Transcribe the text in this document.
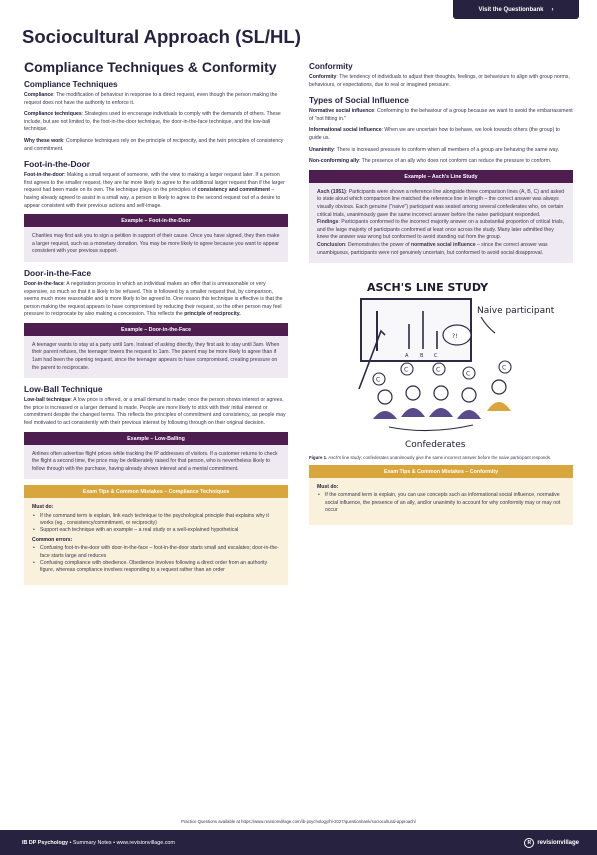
Visit the Questionbank ›
Sociocultural Approach (SL/HL)
Compliance Techniques & Conformity
Compliance Techniques

Compliance: The modification of behaviour in response to a direct request, even though the person making the request does not have the authority to enforce it.

Compliance techniques: Strategies used to encourage individuals to comply with the demands of others. These include, but are not limited to, the foot-in-the-door technique, the door-in-the-face technique, and the low-ball technique.

Why these work: Compliance techniques rely on the principle of reciprocity, and the twin principles of consistency and commitment.

Foot-in-the-Door

Foot-in-the-door: Making a small request of someone, with the view to making a larger request later. If a person first agrees to the smaller request, they are far more likely to agree to the additional larger request than if the larger request had been made on its own. The technique plays on the principles of consistency and commitment – having already agreed to assist in a small way, a person is likely to agree to the second request out of a desire to appear consistent with their previous actions and self-image.

Example – Foot-in-the-Door
Charities may first ask you to sign a petition in support of their cause. Once you have signed, they then make a larger request, such as a monetary donation. You may be more likely to agree because you want to appear consistent with your previous support.
Door-in-the-Face

Door-in-the-face: A negotiation process in which an individual makes an offer that is unreasonable or very expensive, so much so that it is likely to be refused. This is followed by a smaller request that, by comparison, seems much more reasonable and is more likely to be agreed to. One reason this technique is effective is that the person making the request appears to have compromised by reducing their request, so the other person may feel pressure to reciprocate by also making a concession. This reflects the principle of reciprocity.

Example – Door-in-the-Face
A teenager wants to stay at a party until 1am. Instead of asking directly, they first ask to stay until 3am. When their parent refuses, the teenager lowers the request to 1am. The parent may be more likely to agree than if 1am had been the opening request, since the teenager appears to have compromised, creating pressure on the parent to reciprocate.
Low-Ball Technique

Low-ball technique: A low price is offered, or a small demand is made; once the person shows interest or agrees, the price is increased or a larger demand is made. People are more likely to stick with their initial interest or commitment despite the changed terms. This reflects the principles of commitment and consistency, as people may feel motivated to act consistently with their previous interest by following through on their original decision.

Example – Low-Balling
Airlines often advertise flight prices while tracking the IP addresses of visitors. If a customer returns to check the flight a second time, the price may be deliberately raised for that person, who is nevertheless likely to follow through with the purchase, having already shown interest and a mental commitment.
Exam Tips & Common Mistakes – Compliance Techniques
Must do:
• If the command term is explain, link each technique to the psychological principle that explains why it works (eg., consistency/commitment, or reciprocity)
• Support each technique with an example – a real study or a well-explained hypothetical
Common errors:
• Confusing foot-in-the-door with door-in-the-face – foot-in-the-door starts small and escalates; door-in-the-face starts large and reduces
• Confusing compliance with obedience. Obedience involves following a direct order from an authority figure, whereas compliance involves responding to a request rather than an order
Conformity

Conformity: The tendency of individuals to adjust their thoughts, feelings, or behaviours to align with group norms, behaviours, or expectations, due to real or imagined pressure.

Types of Social Influence

Normative social influence: Conforming to the behaviour of a group because we want to avoid the embarrassment of "not fitting in."

Informational social influence: When we are uncertain how to behave, we look towards others (the group) to guide us.

Unanimity: There is increased pressure to conform when all members of a group are behaving the same way.

Non-conforming ally: The presence of an ally who does not conform can reduce the pressure to conform.

Example – Asch's Line Study
Asch (1951): Participants were shown a reference line alongside three comparison lines (A, B, C) and asked to state aloud which comparison line matched the reference line in length – the correct answer was always visually obvious. Each genuine ("naive") participant was seated among several confederates who, on certain critical trials, unanimously gave the same incorrect answer before the naive participant responded.
Findings: Participants conformed to the incorrect majority answer on a substantial proportion of critical trials, and the large majority of participants conformed at least once across the study. Many later admitted they knew the answer was wrong but conformed to avoid standing out from the group.
Conclusion: Demonstrates the power of normative social influence – since the correct answer was unambiguous, participants were not genuinely uncertain, but conformed to avoid social disapproval.
ASCH'S LINE STUDY
A B C
Naive participant
?!
C
C	C
C
C
Confederates
Figure 1. Asch's line study: confederates unanimously give the same incorrect answer before the naive participant responds.
Exam Tips & Common Mistakes – Conformity
Must do:
• If the command term is explain, you can use concepts such as informational social influence, normative social influence, the presence of an ally, and/or unanimity to account for why conformity may or may not occur
Practice Questions available at https://www.revisionvillage.com/ib-psychology/hl-2027/questionbank/sociocultural-approach/
IB DP Psychology • Summary Notes • www.revisionvillage.com	R	revisionvillage
